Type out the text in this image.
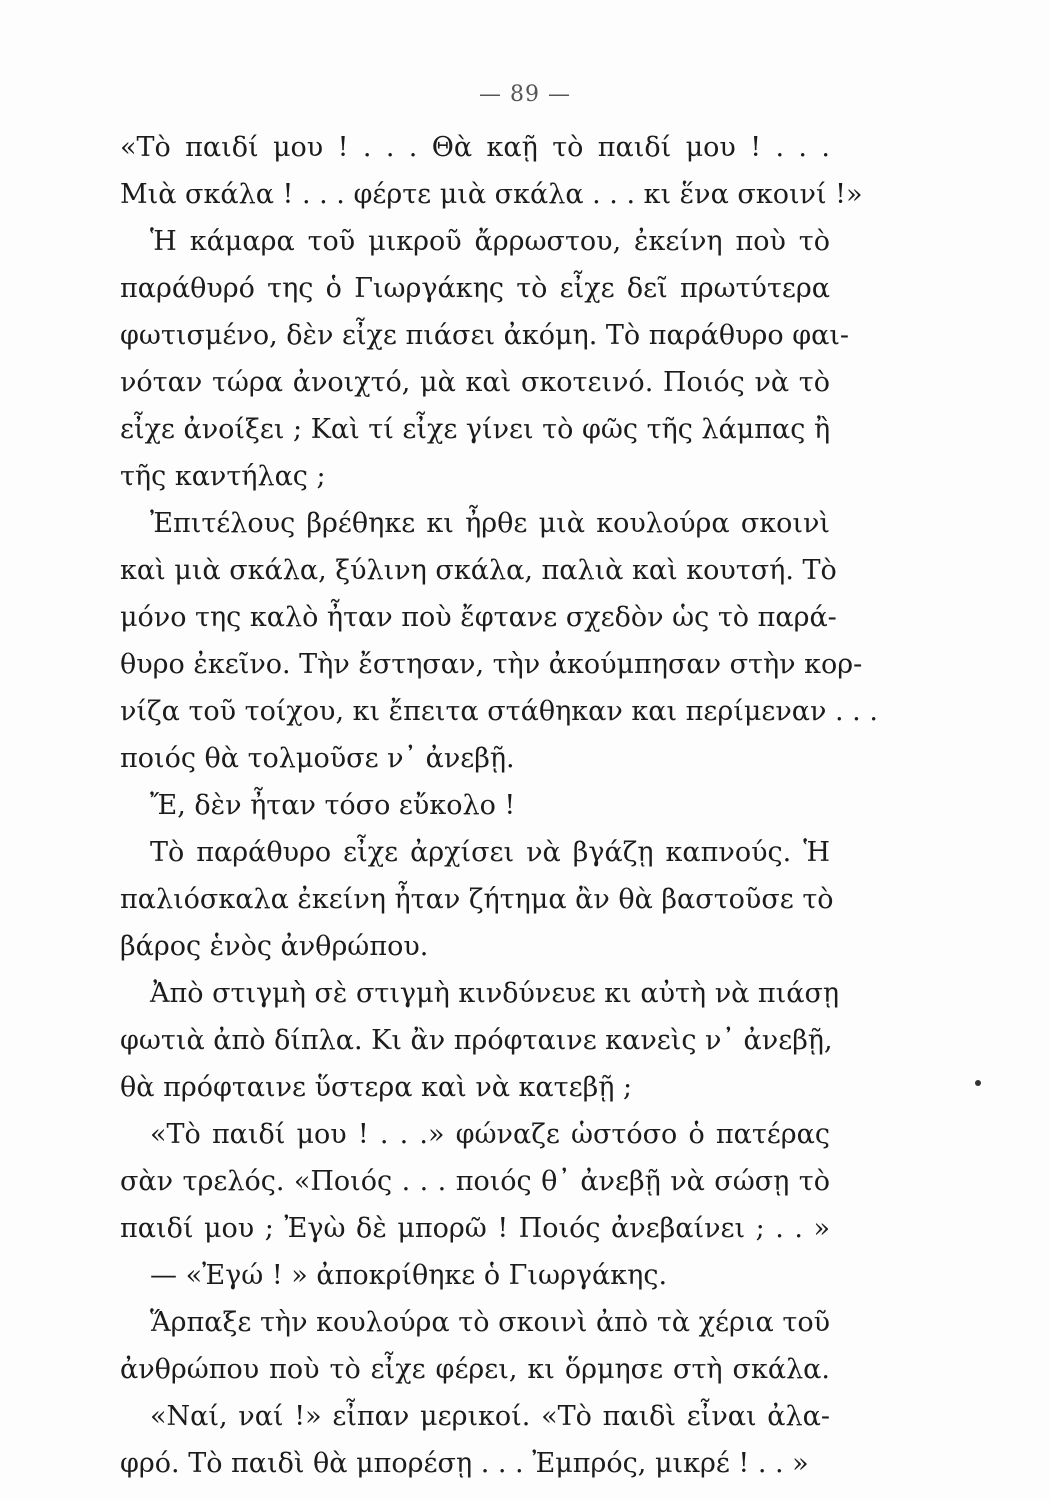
— 89 —
«Τὸ παιδί μου ! . . . Θὰ καῇ τὸ παιδί μου ! . . .
Μιὰ σκάλα ! . . . φέρτε μιὰ σκάλα . . . κι ἕνα σκοινί !»
Ἡ κάμαρα τοῦ μικροῦ ἄρρωστου, ἐκείνη ποὺ τὸ
παράθυρό της ὁ Γιωργάκης τὸ εἶχε δεῖ πρωτύτερα
φωτισμένο, δὲν εἶχε πιάσει ἀκόμη. Τὸ παράθυρο φαι-
νόταν τώρα ἀνοιχτό, μὰ καὶ σκοτεινό. Ποιός νὰ τὸ
εἶχε ἀνοίξει ; Καὶ τί εἶχε γίνει τὸ φῶς τῆς λάμπας ἢ
τῆς καντήλας ;
Ἐπιτέλους βρέθηκε κι ἦρθε μιὰ κουλούρα σκοινὶ
καὶ μιὰ σκάλα, ξύλινη σκάλα, παλιὰ καὶ κουτσή. Τὸ
μόνο της καλὸ ἦταν ποὺ ἔφτανε σχεδὸν ὡς τὸ παρά-
θυρο ἐκεῖνο. Τὴν ἔστησαν, τὴν ἀκούμπησαν στὴν κορ-
νίζα τοῦ τοίχου, κι ἔπειτα στάθηκαν και περίμεναν . . .
ποιός θὰ τολμοῦσε ν᾿ ἀνεβῇ.
Ἔ, δὲν ἦταν τόσο εὔκολο !
Τὸ παράθυρο εἶχε ἀρχίσει νὰ βγάζῃ καπνούς. Ἡ
παλιόσκαλα ἐκείνη ἦταν ζήτημα ἂν θὰ βαστοῦσε τὸ
βάρος ἑνὸς ἀνθρώπου.
Ἀπὸ στιγμὴ σὲ στιγμὴ κινδύνευε κι αὐτὴ νὰ πιάσῃ
φωτιὰ ἀπὸ δίπλα. Κι ἂν πρόφταινε κανεὶς ν᾿ ἀνεβῇ,
θὰ πρόφταινε ὕστερα καὶ νὰ κατεβῇ ;
«Τὸ παιδί μου ! . . .» φώναζε ὡστόσο ὁ πατέρας
σὰν τρελός. «Ποιός . . . ποιός θ᾿ ἀνεβῇ νὰ σώσῃ τὸ
παιδί μου ; Ἐγὼ δὲ μπορῶ ! Ποιός ἀνεβαίνει ; . . »
— «Ἐγώ ! » ἀποκρίθηκε ὁ Γιωργάκης.
Ἅρπαξε τὴν κουλούρα τὸ σκοινὶ ἀπὸ τὰ χέρια τοῦ
ἀνθρώπου ποὺ τὸ εἶχε φέρει, κι ὅρμησε στὴ σκάλα.
«Ναί, ναί !» εἶπαν μερικοί. «Τὸ παιδὶ εἶναι ἀλα-
φρό. Τὸ παιδὶ θὰ μπορέσῃ . . . Ἐμπρός, μικρέ ! . . »
